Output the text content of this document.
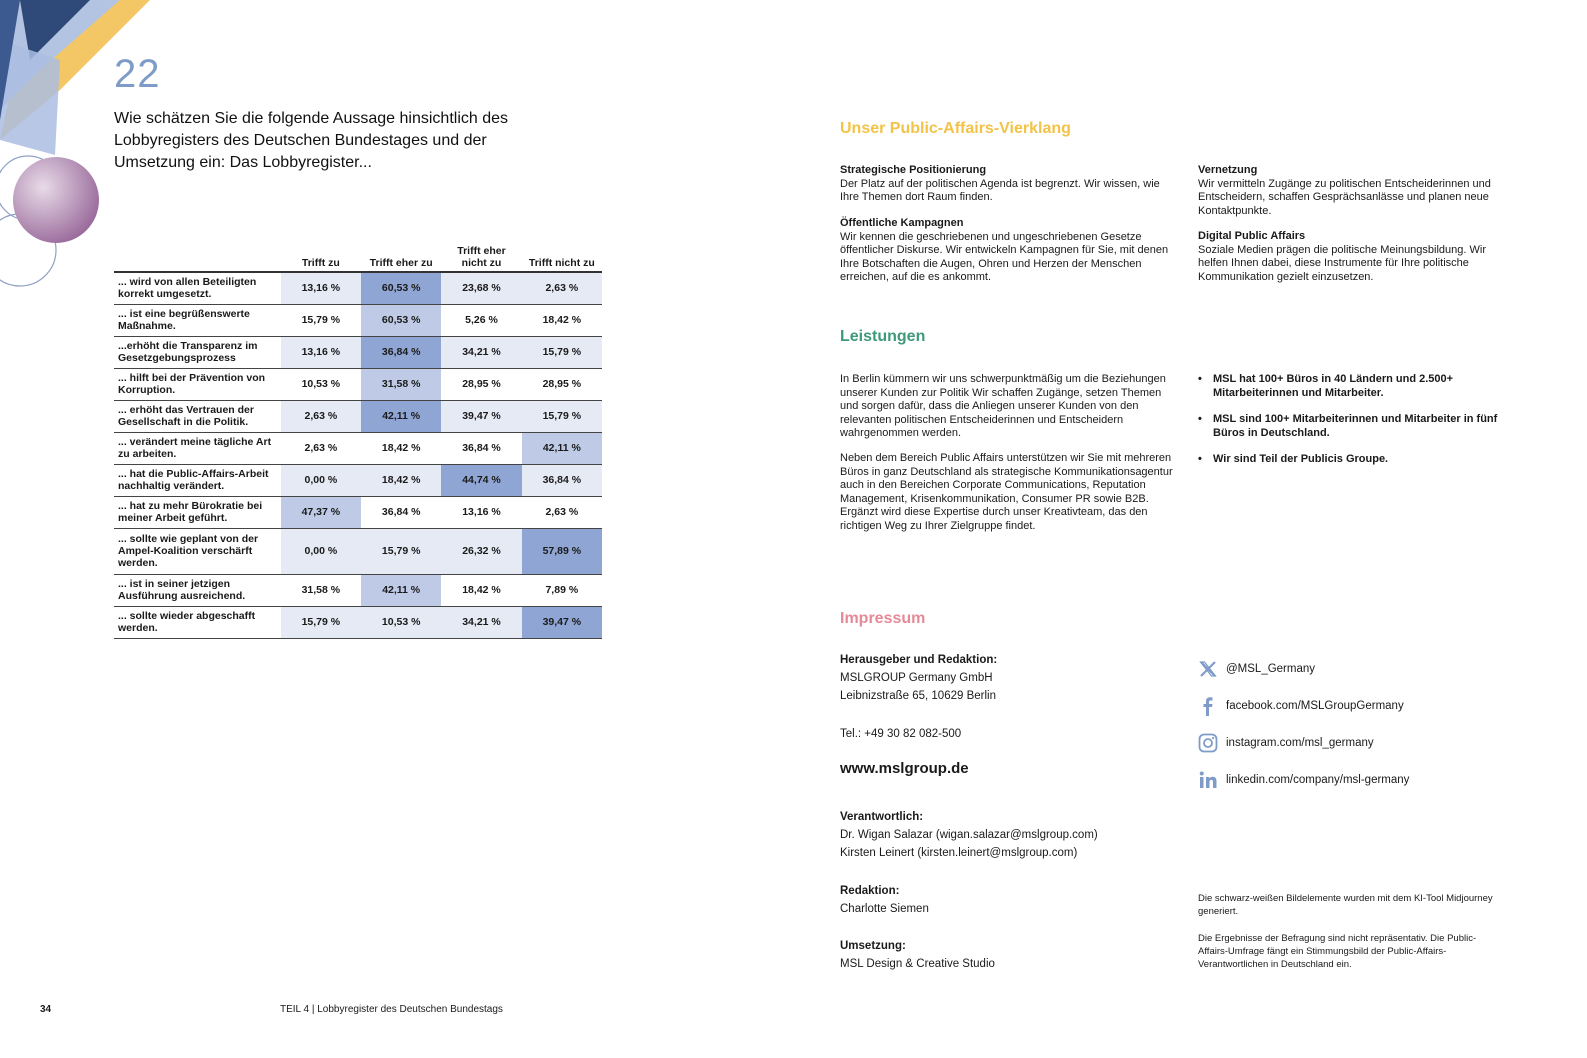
22
Wie schätzen Sie die folgende Aussage hinsichtlich des Lobbyregisters des Deutschen Bundestages und der Umsetzung ein: Das Lobbyregister...
	Trifft zu	Trifft eher zu	Trifft eher nicht zu	Trifft nicht zu
... wird von allen Beteiligten korrekt umgesetzt.	13,16 %	60,53 %	23,68 %	2,63 %
... ist eine begrüßenswerte Maßnahme.	15,79 %	60,53 %	5,26 %	18,42 %
...erhöht die Transparenz im Gesetzgebungsprozess	13,16 %	36,84 %	34,21 %	15,79 %
... hilft bei der Prävention von Korruption.	10,53 %	31,58 %	28,95 %	28,95 %
... erhöht das Vertrauen der Gesellschaft in die Politik.	2,63 %	42,11 %	39,47 %	15,79 %
... verändert meine tägliche Art zu arbeiten.	2,63 %	18,42 %	36,84 %	42,11 %
... hat die Public-Affairs-Arbeit nachhaltig verändert.	0,00 %	18,42 %	44,74 %	36,84 %
... hat zu mehr Bürokratie bei meiner Arbeit geführt.	47,37 %	36,84 %	13,16 %	2,63 %
... sollte wie geplant von der Ampel-Koalition verschärft werden.	0,00 %	15,79 %	26,32 %	57,89 %
... ist in seiner jetzigen Ausführung ausreichend.	31,58 %	42,11 %	18,42 %	7,89 %
... sollte wieder abgeschafft werden.	15,79 %	10,53 %	34,21 %	39,47 %
34	TEIL 4 | Lobbyregister des Deutschen Bundestags
Unser Public-Affairs-Vierklang
Strategische Positionierung
Der Platz auf der politischen Agenda ist begrenzt. Wir wissen, wie Ihre Themen dort Raum finden.
Öffentliche Kampagnen
Wir kennen die geschriebenen und ungeschriebenen Gesetze öffentlicher Diskurse. Wir entwickeln Kampagnen für Sie, mit denen Ihre Botschaften die Augen, Ohren und Herzen der Menschen erreichen, auf die es ankommt.
Vernetzung
Wir vermitteln Zugänge zu politischen Entscheiderinnen und Entscheidern, schaffen Gesprächsanlässe und planen neue Kontaktpunkte.
Digital Public Affairs
Soziale Medien prägen die politische Meinungsbildung. Wir helfen Ihnen dabei, diese Instrumente für Ihre politische Kommunikation gezielt einzusetzen.
Leistungen
In Berlin kümmern wir uns schwerpunktmäßig um die Beziehungen unserer Kunden zur Politik Wir schaffen Zugänge, setzen Themen und sorgen dafür, dass die Anliegen unserer Kunden von den relevanten politischen Entscheiderinnen und Entscheidern wahrgenommen werden.
Neben dem Bereich Public Affairs unterstützen wir Sie mit mehreren Büros in ganz Deutschland als strategische Kommunikationsagentur auch in den Bereichen Corporate Communications, Reputation Management, Krisenkommunikation, Consumer PR sowie B2B. Ergänzt wird diese Expertise durch unser Kreativteam, das den richtigen Weg zu Ihrer Zielgruppe findet.
• MSL hat 100+ Büros in 40 Ländern und 2.500+ Mitarbeiterinnen und Mitarbeiter.
• MSL sind 100+ Mitarbeiterinnen und Mitarbeiter in fünf Büros in Deutschland.
• Wir sind Teil der Publicis Groupe.
Impressum
Herausgeber und Redaktion:
MSLGROUP Germany GmbH
Leibnizstraße 65, 10629 Berlin
Tel.: +49 30 82 082-500
www.mslgroup.de
Verantwortlich:
Dr. Wigan Salazar (wigan.salazar@mslgroup.com)
Kirsten Leinert (kirsten.leinert@mslgroup.com)
Redaktion:
Charlotte Siemen
Umsetzung:
MSL Design & Creative Studio
@MSL_Germany
facebook.com/MSLGroupGermany
instagram.com/msl_germany
linkedin.com/company/msl-germany
Die schwarz-weißen Bildelemente wurden mit dem KI-Tool Midjourney generiert.
Die Ergebnisse der Befragung sind nicht repräsentativ. Die Public-Affairs-Umfrage fängt ein Stimmungsbild der Public-Affairs-Verantwortlichen in Deutschland ein.
